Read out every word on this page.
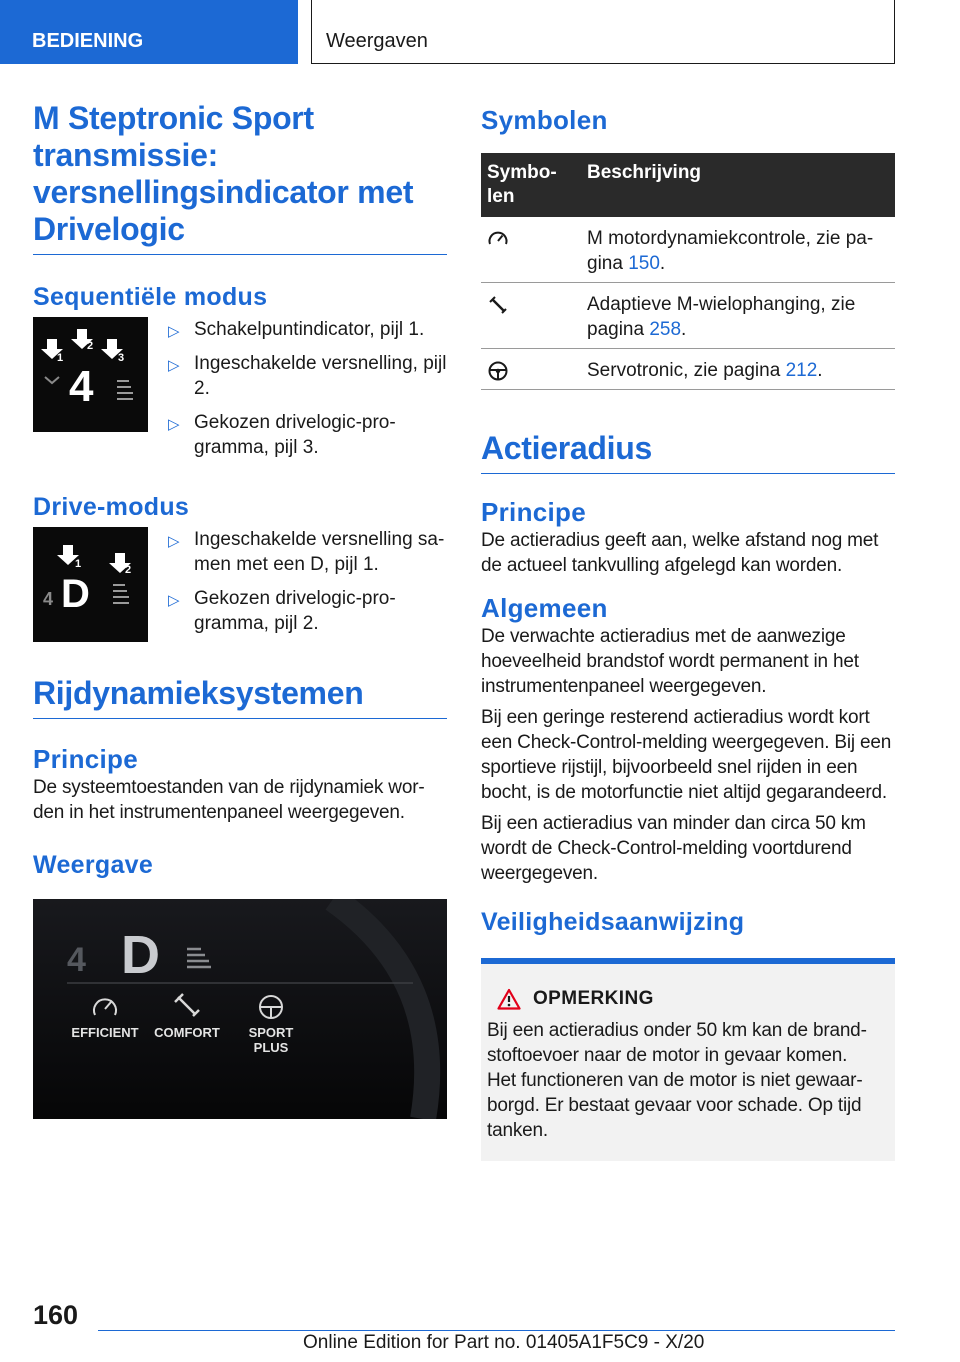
BEDIENING	Weergaven
M Steptronic Sport transmissie: versnellingsindicator met Drivelogic
Sequentiële modus
1
2
3
4
▷ Schakelpuntindicator, pijl 1.
▷ Ingeschakelde versnelling, pijl 2.
▷ Gekozen drivelogic-programma, pijl 3.
Drive-modus
1	2
4 D
▷ Ingeschakelde versnelling samen met een D, pijl 1.
▷ Gekozen drivelogic-programma, pijl 2.
Rijdynamieksystemen
Principe

De systeemtoestanden van de rijdynamiek worden in het instrumentenpaneel weergegeven.

Weergave
4 D
EFFICIENT COMFORT SPORT
PLUS
Symbolen
Symbolen	Beschrijving

	M motordynamiekcontrole, zie pagina 150.

	Adaptieve M-wielophanging, zie pagina 258.

	Servotronic, zie pagina 212.
Actieradius
Principe

De actieradius geeft aan, welke afstand nog met de actueel tankvulling afgelegd kan worden.

Algemeen

De verwachte actieradius met de aanwezige hoeveelheid brandstof wordt permanent in het instrumentenpaneel weergegeven.

Bij een geringe resterend actieradius wordt kort een Check-Control-melding weergegeven. Bij een sportieve rijstijl, bijvoorbeeld snel rijden in een bocht, is de motorfunctie niet altijd gegarandeerd.

Bij een actieradius van minder dan circa 50 km wordt de Check-Control-melding voortdurend weergegeven.

Veiligheidsaanwijzing
OPMERKING

Bij een actieradius onder 50 km kan de brandstoftoevoer naar de motor in gevaar komen.

Het functioneren van de motor is niet gewaarborgd. Er bestaat gevaar voor schade. Op tijd tanken.

160
Online Edition for Part no. 01405A1F5C9 - X/20
